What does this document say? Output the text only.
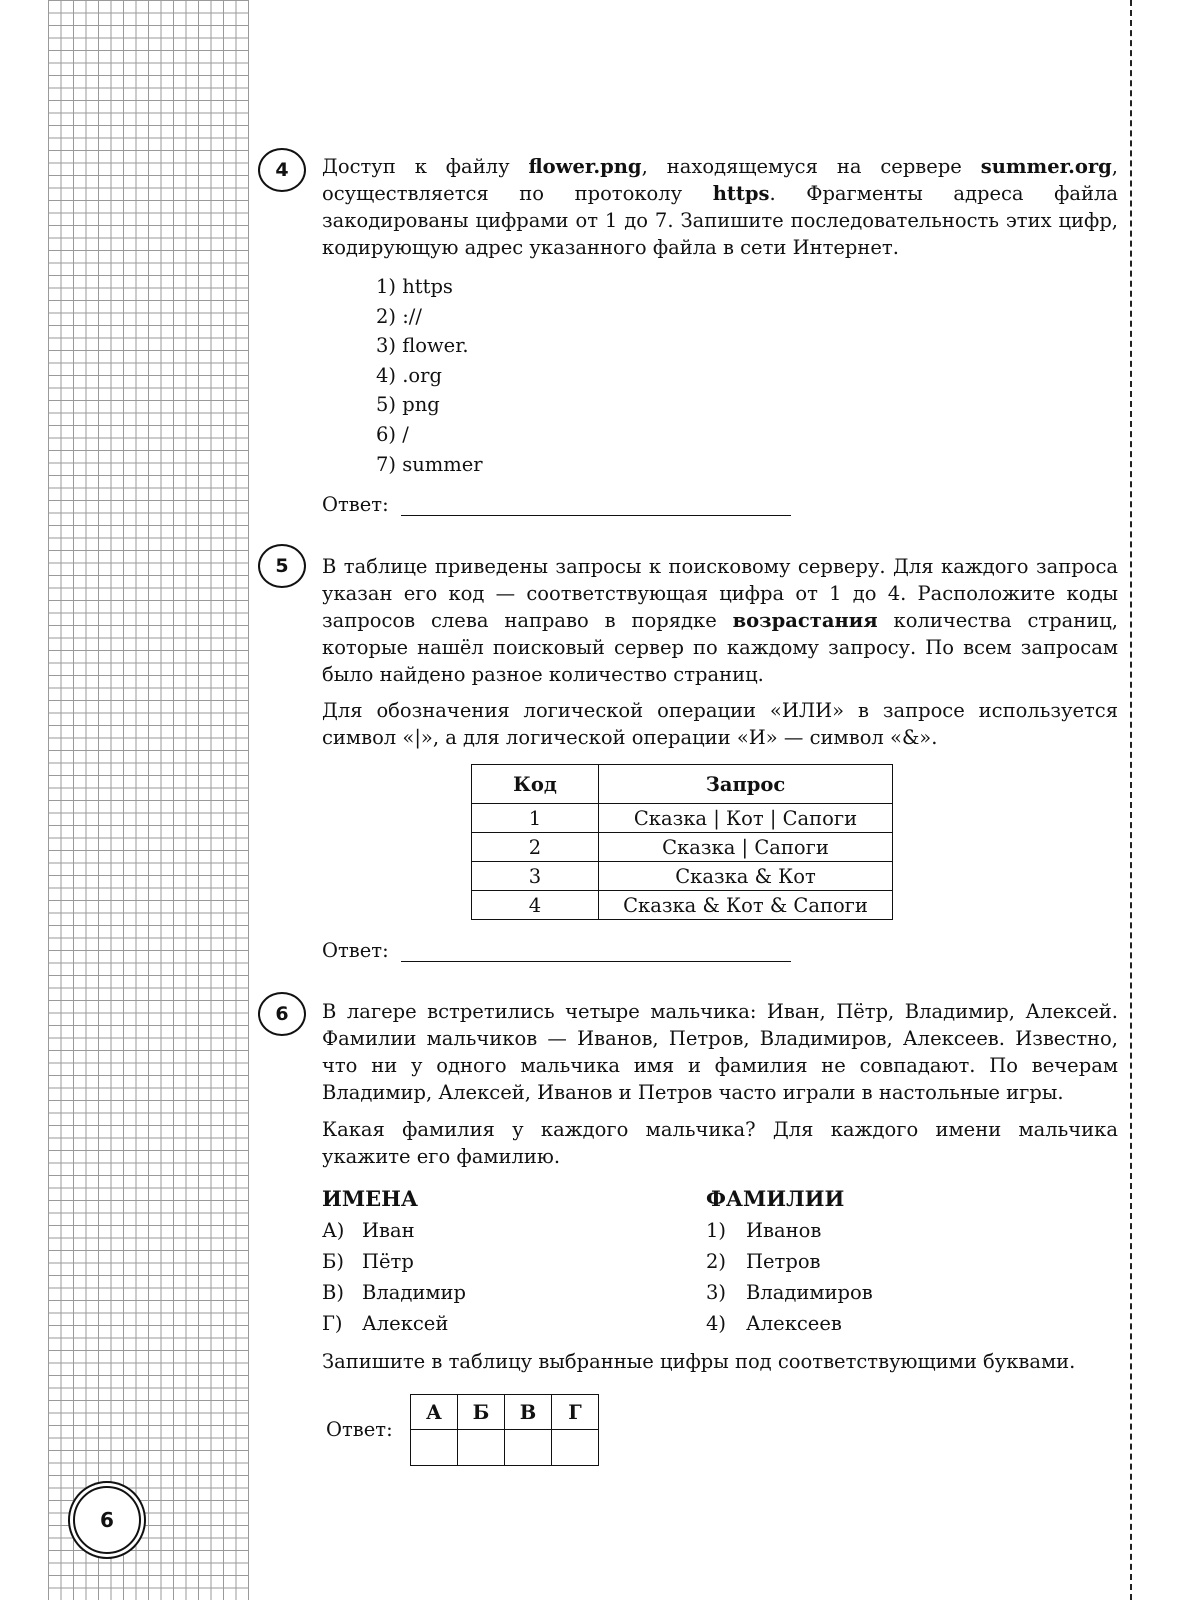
4	Доступ к файлу flower.png, находящемуся на сервере summer.org, осуществляется по протоколу https. Фрагменты адреса файла закодированы цифрами от 1 до 7. Запишите последовательность этих цифр, кодирующую адрес указанного файла в сети Интернет.

1) https
2) ://
3) flower.
4) .org
5) png
6) /
7) summer
Ответ:
5	В таблице приведены запросы к поисковому серверу. Для каждого запроса указан его код — соответствующая цифра от 1 до 4. Расположите коды запросов слева направо в порядке возрастания количества страниц, которые нашёл поисковый сервер по каждому запросу. По всем запросам было найдено разное количество страниц.

Для обозначения логической операции «ИЛИ» в запросе используется символ «|», а для логической операции «И» — символ «&».

Код	Запрос
1	Сказка | Кот | Сапоги
2	Сказка | Сапоги
3	Сказка & Кот
4	Сказка & Кот & Сапоги
Ответ:
6	В лагере встретились четыре мальчика: Иван, Пётр, Владимир, Алексей. Фамилии мальчиков — Иванов, Петров, Владимиров, Алексеев. Известно, что ни у одного мальчика имя и фамилия не совпадают. По вечерам Владимир, Алексей, Иванов и Петров часто играли в настольные игры.

Какая фамилия у каждого мальчика? Для каждого имени мальчика укажите его фамилию.

ИМЕНА	ФАМИЛИИ
А) Иван
Б) Пётр
В) Владимир
Г) Алексей
1) Иванов
2) Петров
3) Владимиров
4) Алексеев

Запишите в таблицу выбранные цифры под соответствующими буквами.

Ответ:
А	Б	В	Г

6
